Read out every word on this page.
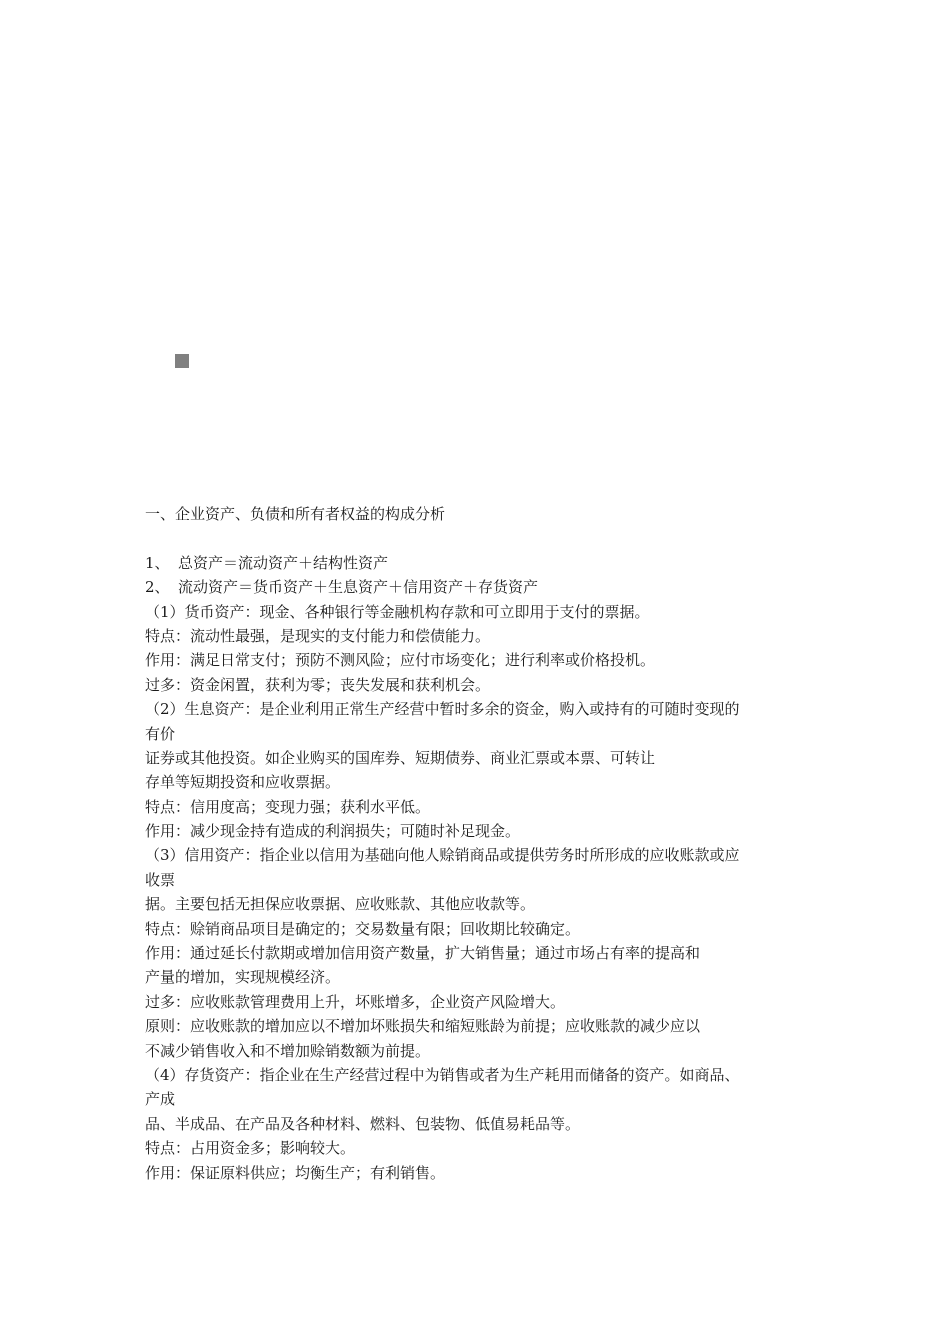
一、企业资产、负债和所有者权益的构成分析
1、 总资产＝流动资产＋结构性资产
2、 流动资产＝货币资产＋生息资产＋信用资产＋存货资产
（1）货币资产：现金、各种银行等金融机构存款和可立即用于支付的票据。
特点：流动性最强，是现实的支付能力和偿债能力。
作用：满足日常支付；预防不测风险；应付市场变化；进行利率或价格投机。
过多：资金闲置，获利为零；丧失发展和获利机会。
（2）生息资产：是企业利用正常生产经营中暂时多余的资金，购入或持有的可随时变现的
有价
证券或其他投资。如企业购买的国库券、短期债券、商业汇票或本票、可转让
存单等短期投资和应收票据。
特点：信用度高；变现力强；获利水平低。
作用：减少现金持有造成的利润损失；可随时补足现金。
（3）信用资产：指企业以信用为基础向他人赊销商品或提供劳务时所形成的应收账款或应
收票
据。主要包括无担保应收票据、应收账款、其他应收款等。
特点：赊销商品项目是确定的；交易数量有限；回收期比较确定。
作用：通过延长付款期或增加信用资产数量，扩大销售量；通过市场占有率的提高和
产量的增加，实现规模经济。
过多：应收账款管理费用上升，坏账增多，企业资产风险增大。
原则：应收账款的增加应以不增加坏账损失和缩短账龄为前提；应收账款的减少应以
不减少销售收入和不增加赊销数额为前提。
（4）存货资产：指企业在生产经营过程中为销售或者为生产耗用而储备的资产。如商品、
产成
品、半成品、在产品及各种材料、燃料、包装物、低值易耗品等。
特点：占用资金多；影响较大。
作用：保证原料供应；均衡生产；有利销售。
